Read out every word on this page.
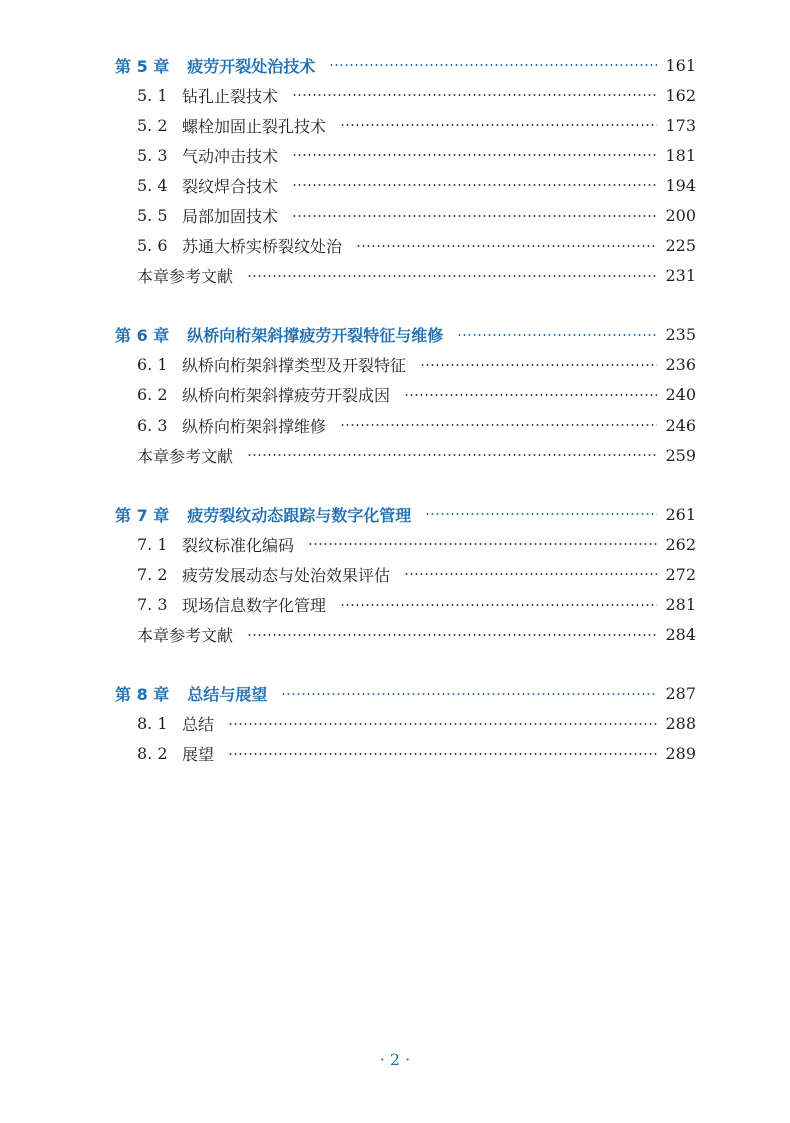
第 5 章 疲劳开裂处治技术	161
5. 1 钻孔止裂技术	162
5. 2 螺栓加固止裂孔技术	173
5. 3 气动冲击技术	181
5. 4 裂纹焊合技术	194
5. 5 局部加固技术	200
5. 6 苏通大桥实桥裂纹处治	225
本章参考文献	231
第 6 章 纵桥向桁架斜撑疲劳开裂特征与维修	235
6. 1 纵桥向桁架斜撑类型及开裂特征	236
6. 2 纵桥向桁架斜撑疲劳开裂成因	240
6. 3 纵桥向桁架斜撑维修	246
本章参考文献	259
第 7 章 疲劳裂纹动态跟踪与数字化管理	261
7. 1 裂纹标准化编码	262
7. 2 疲劳发展动态与处治效果评估	272
7. 3 现场信息数字化管理	281
本章参考文献	284
第 8 章 总结与展望	287
8. 1 总结	288
8. 2 展望	289
· 2 ·
